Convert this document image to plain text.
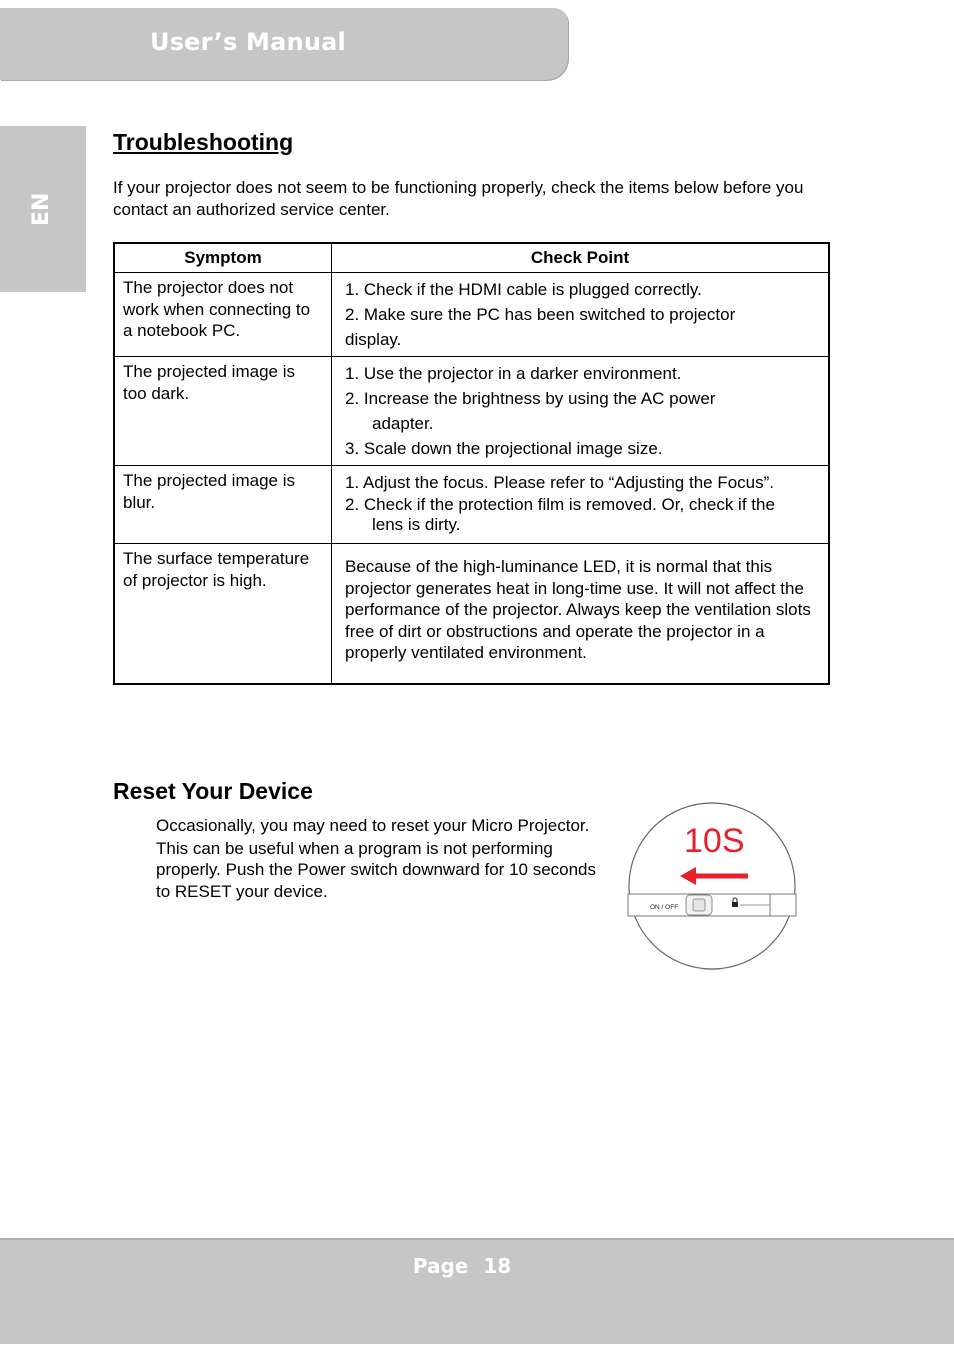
User’s Manual
EN
Troubleshooting
If your projector does not seem to be functioning properly, check the items below before you contact an authorized service center.
Symptom	Check Point
The projector does not work when connecting to a notebook PC.	1. Check if the HDMI cable is plugged correctly.
2. Make sure the PC has been switched to projector display.

The projected image is too dark.	1. Use the projector in a darker environment.
2. Increase the brightness by using the AC power
adapter.
3. Scale down the projectional image size.

The projected image is blur.	1. Adjust the focus. Please refer to “Adjusting the Focus”.
2. Check if the protection film is removed. Or, check if the
lens is dirty.

The surface temperature of projector is high.	Because of the high-luminance LED, it is normal that this projector generates heat in long-time use. It will not affect the performance of the projector. Always keep the ventilation slots free of dirt or obstructions and operate the projector in a properly ventilated environment.
Reset Your Device

Occasionally, you may need to reset your Micro Projector.

This can be useful when a program is not performing properly. Push the Power switch downward for 10 seconds to RESET your device.

10S
ON / OFF
Page 18
